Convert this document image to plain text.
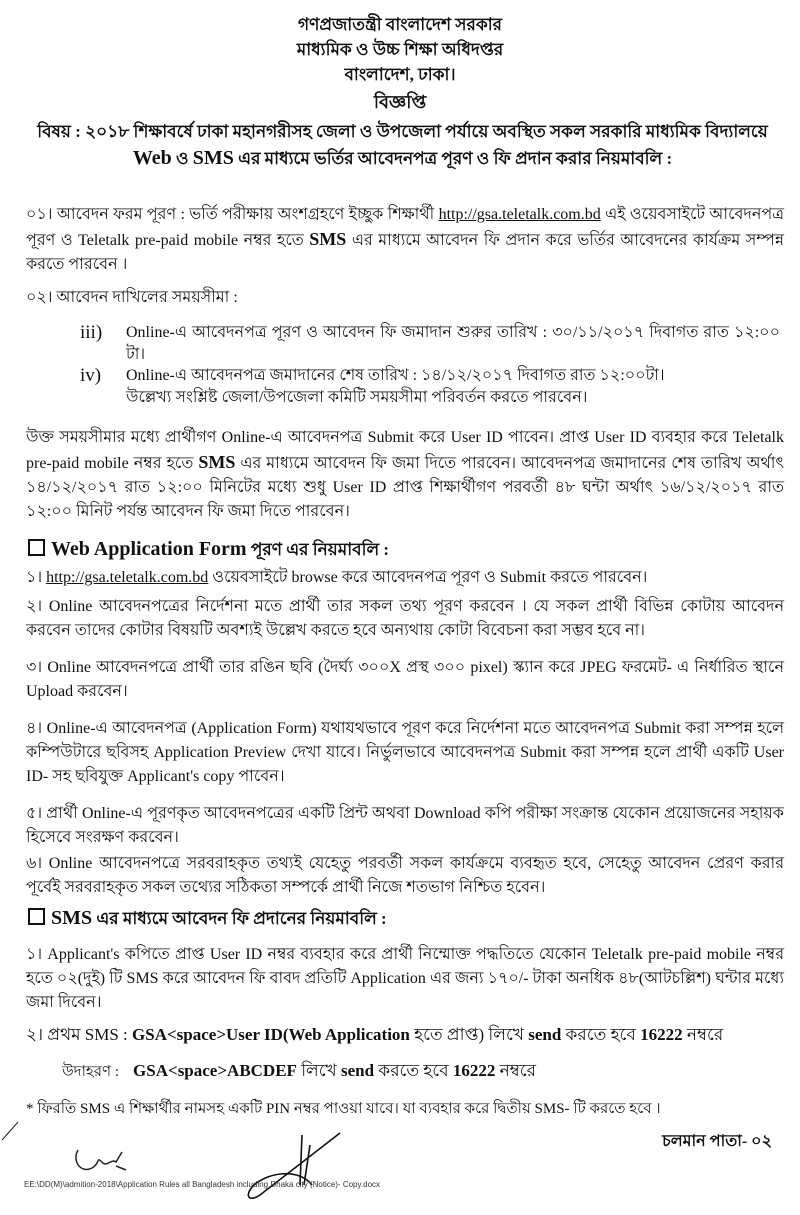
গণপ্রজাতন্ত্রী বাংলাদেশ সরকার
মাধ্যমিক ও উচ্চ শিক্ষা অধিদপ্তর
বাংলাদেশ, ঢাকা।
বিজ্ঞপ্তি
বিষয় : ২০১৮ শিক্ষাবর্ষে ঢাকা মহানগরীসহ জেলা ও উপজেলা পর্যায়ে অবস্থিত সকল সরকারি মাধ্যমিক বিদ্যালয়ে Web ও SMS এর মাধ্যমে ভর্তির আবেদনপত্র পূরণ ও ফি প্রদান করার নিয়মাবলি :
০১। আবেদন ফরম পূরণ : ভর্তি পরীক্ষায় অংশগ্রহণে ইচ্ছুক শিক্ষার্থী http://gsa.teletalk.com.bd এই ওয়েবসাইটে আবেদনপত্র পূরণ ও Teletalk pre-paid mobile নম্বর হতে SMS এর মাধ্যমে আবেদন ফি প্রদান করে ভর্তির আবেদনের কার্যক্রম সম্পন্ন করতে পারবেন ।
০২। আবেদন দাখিলের সময়সীমা :
iii) Online-এ আবেদনপত্র পূরণ ও আবেদন ফি জমাদান শুরুর তারিখ : ৩০/১১/২০১৭ দিবাগত রাত ১২:০০ টা।
iv) Online-এ আবেদনপত্র জমাদানের শেষ তারিখ : ১৪/১২/২০১৭ দিবাগত রাত ১২:০০টা।
উল্লেখ্য সংশ্লিষ্ট জেলা/উপজেলা কমিটি সময়সীমা পরিবর্তন করতে পারবেন।
উক্ত সময়সীমার মধ্যে প্রার্থীগণ Online-এ আবেদনপত্র Submit করে User ID পাবেন। প্রাপ্ত User ID ব্যবহার করে Teletalk pre-paid mobile নম্বর হতে SMS এর মাধ্যমে আবেদন ফি জমা দিতে পারবেন। আবেদনপত্র জমাদানের শেষ তারিখ অর্থাৎ ১৪/১২/২০১৭ রাত ১২:০০ মিনিটের মধ্যে শুধু User ID প্রাপ্ত শিক্ষার্থীগণ পরবর্তী ৪৮ ঘন্টা অর্থাৎ ১৬/১২/২০১৭ রাত ১২:০০ মিনিট পর্যন্ত আবেদন ফি জমা দিতে পারবেন।
Web Application Form পূরণ এর নিয়মাবলি :
১। http://gsa.teletalk.com.bd ওয়েবসাইটে browse করে আবেদনপত্র পূরণ ও Submit করতে পারবেন।
২। Online আবেদনপত্রের নির্দেশনা মতে প্রার্থী তার সকল তথ্য পূরণ করবেন । যে সকল প্রার্থী বিভিন্ন কোটায় আবেদন করবেন তাদের কোটার বিষয়টি অবশ্যই উল্লেখ করতে হবে অন্যথায় কোটা বিবেচনা করা সম্ভব হবে না।
৩। Online আবেদনপত্রে প্রার্থী তার রঙিন ছবি (দৈর্ঘ্য ৩০০X প্রস্থ ৩০০ pixel) স্ক্যান করে JPEG ফরমেট- এ নির্ধারিত স্থানে Upload করবেন।
৪। Online-এ আবেদনপত্র (Application Form) যথাযথভাবে পূরণ করে নির্দেশনা মতে আবেদনপত্র Submit করা সম্পন্ন হলে কম্পিউটারে ছবিসহ Application Preview দেখা যাবে। নির্ভুলভাবে আবেদনপত্র Submit করা সম্পন্ন হলে প্রার্থী একটি User ID- সহ ছবিযুক্ত Applicant's copy পাবেন।
৫। প্রার্থী Online-এ পূরণকৃত আবেদনপত্রের একটি প্রিন্ট অথবা Download কপি পরীক্ষা সংক্রান্ত যেকোন প্রয়োজনের সহায়ক হিসেবে সংরক্ষণ করবেন।
৬। Online আবেদনপত্রে সরবরাহকৃত তথ্যই যেহেতু পরবর্তী সকল কার্যক্রমে ব্যবহৃত হবে, সেহেতু আবেদন প্রেরণ করার পূর্বেই সরবরাহকৃত সকল তথ্যের সঠিকতা সম্পর্কে প্রার্থী নিজে শতভাগ নিশ্চিত হবেন।
SMS এর মাধ্যমে আবেদন ফি প্রদানের নিয়মাবলি :
১। Applicant's কপিতে প্রাপ্ত User ID নম্বর ব্যবহার করে প্রার্থী নিম্মোক্ত পদ্ধতিতে যেকোন Teletalk pre-paid mobile নম্বর হতে ০২(দুই) টি SMS করে আবেদন ফি বাবদ প্রতিটি Application এর জন্য ১৭০/- টাকা অনধিক ৪৮(আটচল্লিশ) ঘন্টার মধ্যে জমা দিবেন।
২। প্রথম SMS : GSA<space>User ID(Web Application হতে প্রাপ্ত) লিখে send করতে হবে 16222 নম্বরে
উদাহরণ : GSA<space>ABCDEF লিখে send করতে হবে 16222 নম্বরে
* ফিরতি SMS এ শিক্ষার্থীর নামসহ একটি PIN নম্বর পাওয়া যাবে। যা ব্যবহার করে দ্বিতীয় SMS- টি করতে হবে ।
চলমান পাতা- ০২
EE:\DD(M)\admition-2018\Application Rules all Bangladesh including Dhaka city (Notice)- Copy.docx
